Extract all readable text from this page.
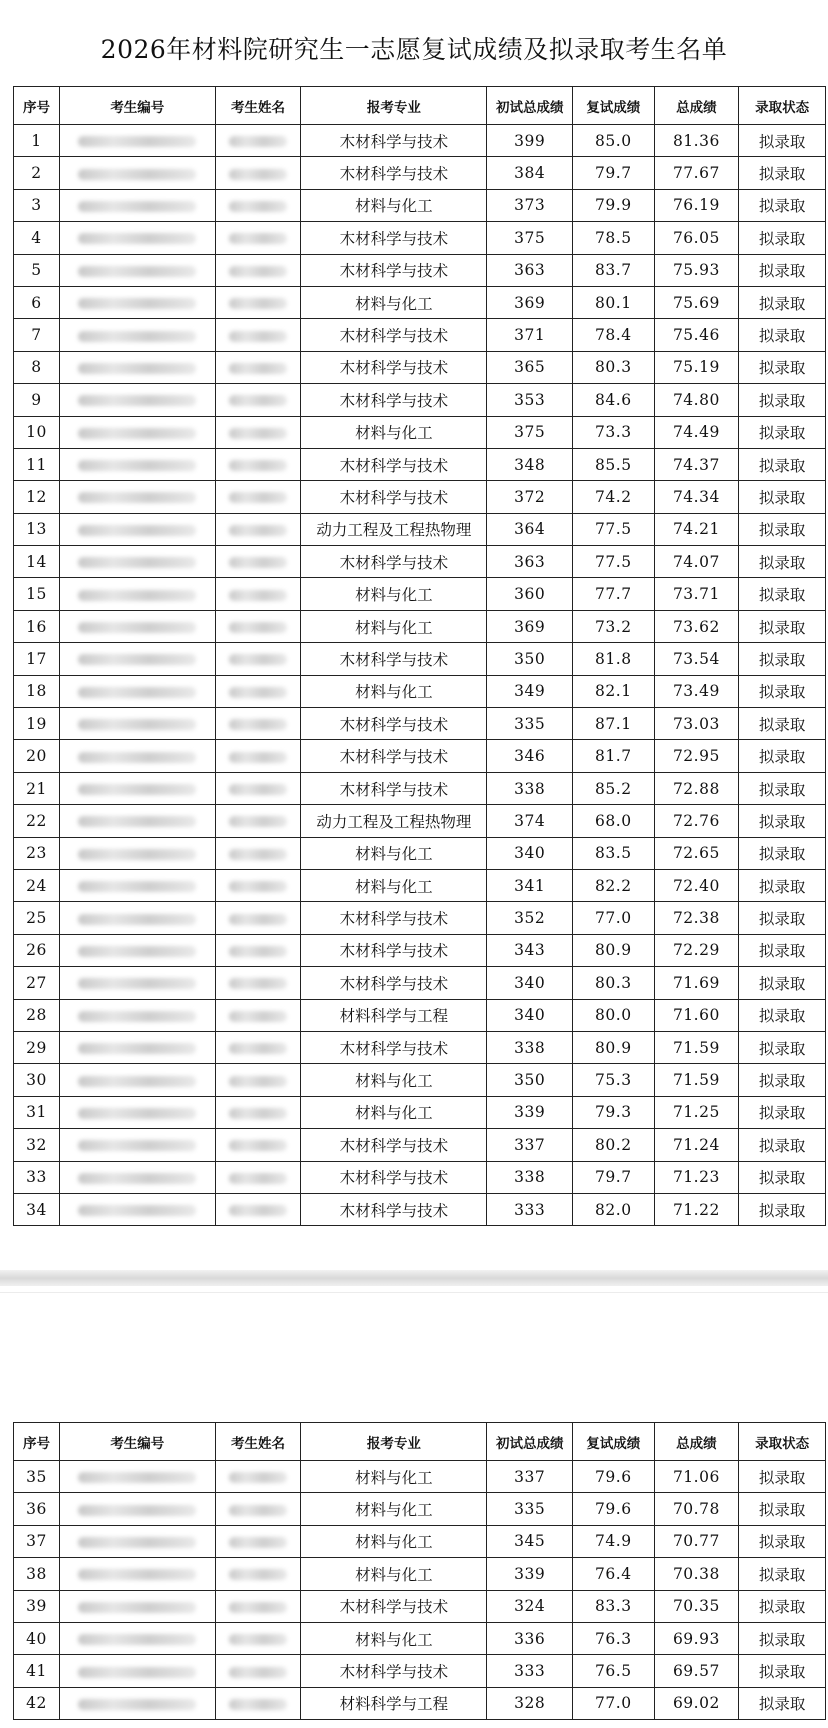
2026年材料院研究生一志愿复试成绩及拟录取考生名单
序号	考生编号	考生姓名	报考专业	初试总成绩	复试成绩	总成绩	录取状态
1			木材科学与技术	399	85.0	81.36	拟录取
2			木材科学与技术	384	79.7	77.67	拟录取
3			材料与化工	373	79.9	76.19	拟录取
4			木材科学与技术	375	78.5	76.05	拟录取
5			木材科学与技术	363	83.7	75.93	拟录取
6			材料与化工	369	80.1	75.69	拟录取
7			木材科学与技术	371	78.4	75.46	拟录取
8			木材科学与技术	365	80.3	75.19	拟录取
9			木材科学与技术	353	84.6	74.80	拟录取
10			材料与化工	375	73.3	74.49	拟录取
11			木材科学与技术	348	85.5	74.37	拟录取
12			木材科学与技术	372	74.2	74.34	拟录取
13			动力工程及工程热物理	364	77.5	74.21	拟录取
14			木材科学与技术	363	77.5	74.07	拟录取
15			材料与化工	360	77.7	73.71	拟录取
16			材料与化工	369	73.2	73.62	拟录取
17			木材科学与技术	350	81.8	73.54	拟录取
18			材料与化工	349	82.1	73.49	拟录取
19			木材科学与技术	335	87.1	73.03	拟录取
20			木材科学与技术	346	81.7	72.95	拟录取
21			木材科学与技术	338	85.2	72.88	拟录取
22			动力工程及工程热物理	374	68.0	72.76	拟录取
23			材料与化工	340	83.5	72.65	拟录取
24			材料与化工	341	82.2	72.40	拟录取
25			木材科学与技术	352	77.0	72.38	拟录取
26			木材科学与技术	343	80.9	72.29	拟录取
27			木材科学与技术	340	80.3	71.69	拟录取
28			材料科学与工程	340	80.0	71.60	拟录取
29			木材科学与技术	338	80.9	71.59	拟录取
30			材料与化工	350	75.3	71.59	拟录取
31			材料与化工	339	79.3	71.25	拟录取
32			木材科学与技术	337	80.2	71.24	拟录取
33			木材科学与技术	338	79.7	71.23	拟录取
34			木材科学与技术	333	82.0	71.22	拟录取
序号	考生编号	考生姓名	报考专业	初试总成绩	复试成绩	总成绩	录取状态
35			材料与化工	337	79.6	71.06	拟录取
36			材料与化工	335	79.6	70.78	拟录取
37			材料与化工	345	74.9	70.77	拟录取
38			材料与化工	339	76.4	70.38	拟录取
39			木材科学与技术	324	83.3	70.35	拟录取
40			材料与化工	336	76.3	69.93	拟录取
41			木材科学与技术	333	76.5	69.57	拟录取
42			材料科学与工程	328	77.0	69.02	拟录取
